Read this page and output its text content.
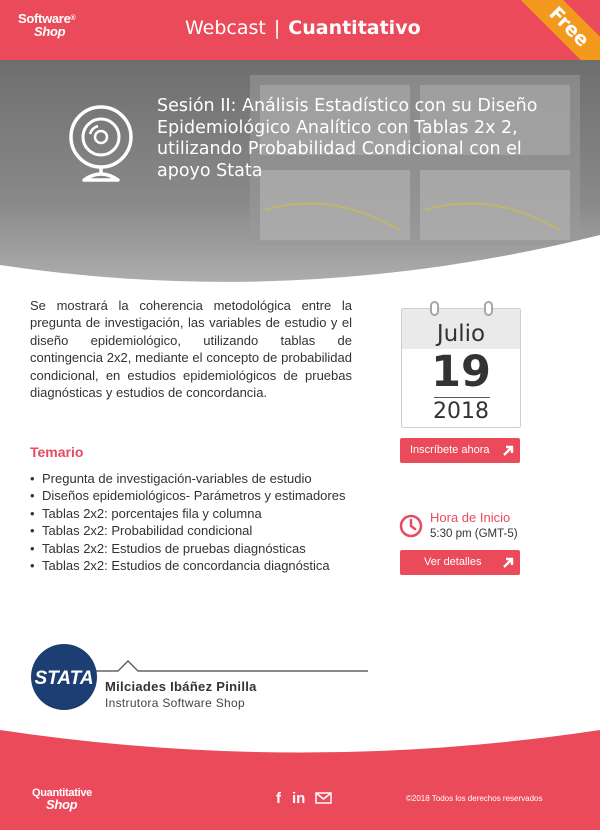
Software®
Shop	Webcast | Cuantitativo	Free
Sesión II: Análisis Estadístico con su Diseño Epidemiológico Analítico con Tablas 2x 2, utilizando Probabilidad Condicional con el apoyo Stata

Se mostrará la coherencia metodológica entre la pregunta de investigación, las variables de estudio y el diseño epidemiológico, utilizando tablas de contingencia 2x2, mediante el concepto de probabilidad condicional, en estudios epidemiológicos de pruebas diagnósticas y estudios de concordancia.

Temario
• Pregunta de investigación-variables de estudio
• Diseños epidemiológicos- Parámetros y estimadores
• Tablas 2x2: porcentajes fila y columna
• Tablas 2x2: Probabilidad condicional
• Tablas 2x2: Estudios de pruebas diagnósticas
• Tablas 2x2: Estudios de concordancia diagnóstica
Julio
19
2018
Inscríbete ahora
Hora de Inicio
5:30 pm (GMT-5)
Ver detalles
STATA Milciades Ibáñez Pinilla
Instrutora Software Shop
Quantitative
Shop	f in	©2018 Todos los derechos reservados
